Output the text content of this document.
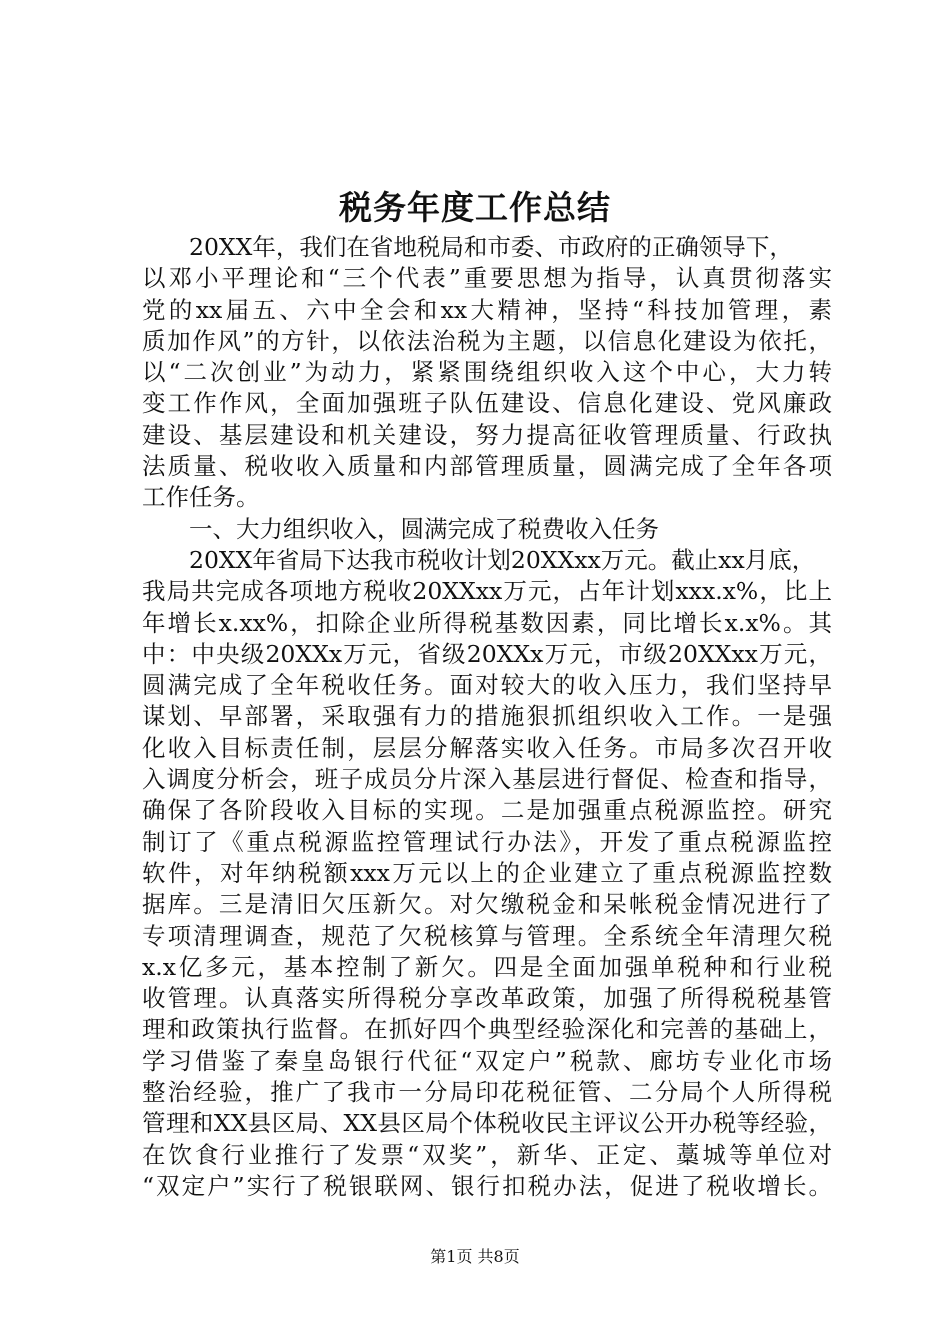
税务年度工作总结
20XX年，我们在省地税局和市委、市政府的正确领导下，
以邓小平理论和“三个代表”重要思想为指导，认真贯彻落实
党的xx届五、六中全会和xx大精神，坚持“科技加管理，素
质加作风”的方针，以依法治税为主题，以信息化建设为依托，
以“二次创业”为动力，紧紧围绕组织收入这个中心，大力转
变工作作风，全面加强班子队伍建设、信息化建设、党风廉政
建设、基层建设和机关建设，努力提高征收管理质量、行政执
法质量、税收收入质量和内部管理质量，圆满完成了全年各项
工作任务。
一、大力组织收入，圆满完成了税费收入任务
20XX年省局下达我市税收计划20XXxx万元。截止xx月底，
我局共完成各项地方税收20XXxx万元，占年计划xxx.x%，比上
年增长x.xx%，扣除企业所得税基数因素，同比增长x.x%。其
中：中央级20XXx万元，省级20XXx万元，市级20XXxx万元，
圆满完成了全年税收任务。面对较大的收入压力，我们坚持早
谋划、早部署，采取强有力的措施狠抓组织收入工作。一是强
化收入目标责任制，层层分解落实收入任务。市局多次召开收
入调度分析会，班子成员分片深入基层进行督促、检查和指导，
确保了各阶段收入目标的实现。二是加强重点税源监控。研究
制订了《重点税源监控管理试行办法》，开发了重点税源监控
软件，对年纳税额xxx万元以上的企业建立了重点税源监控数
据库。三是清旧欠压新欠。对欠缴税金和呆帐税金情况进行了
专项清理调查，规范了欠税核算与管理。全系统全年清理欠税
x.x亿多元，基本控制了新欠。四是全面加强单税种和行业税
收管理。认真落实所得税分享改革政策，加强了所得税税基管
理和政策执行监督。在抓好四个典型经验深化和完善的基础上，
学习借鉴了秦皇岛银行代征“双定户”税款、廊坊专业化市场
整治经验，推广了我市一分局印花税征管、二分局个人所得税
管理和XX县区局、XX县区局个体税收民主评议公开办税等经验，
在饮食行业推行了发票“双奖”，新华、正定、藁城等单位对
“双定户”实行了税银联网、银行扣税办法，促进了税收增长。
第1页 共8页
